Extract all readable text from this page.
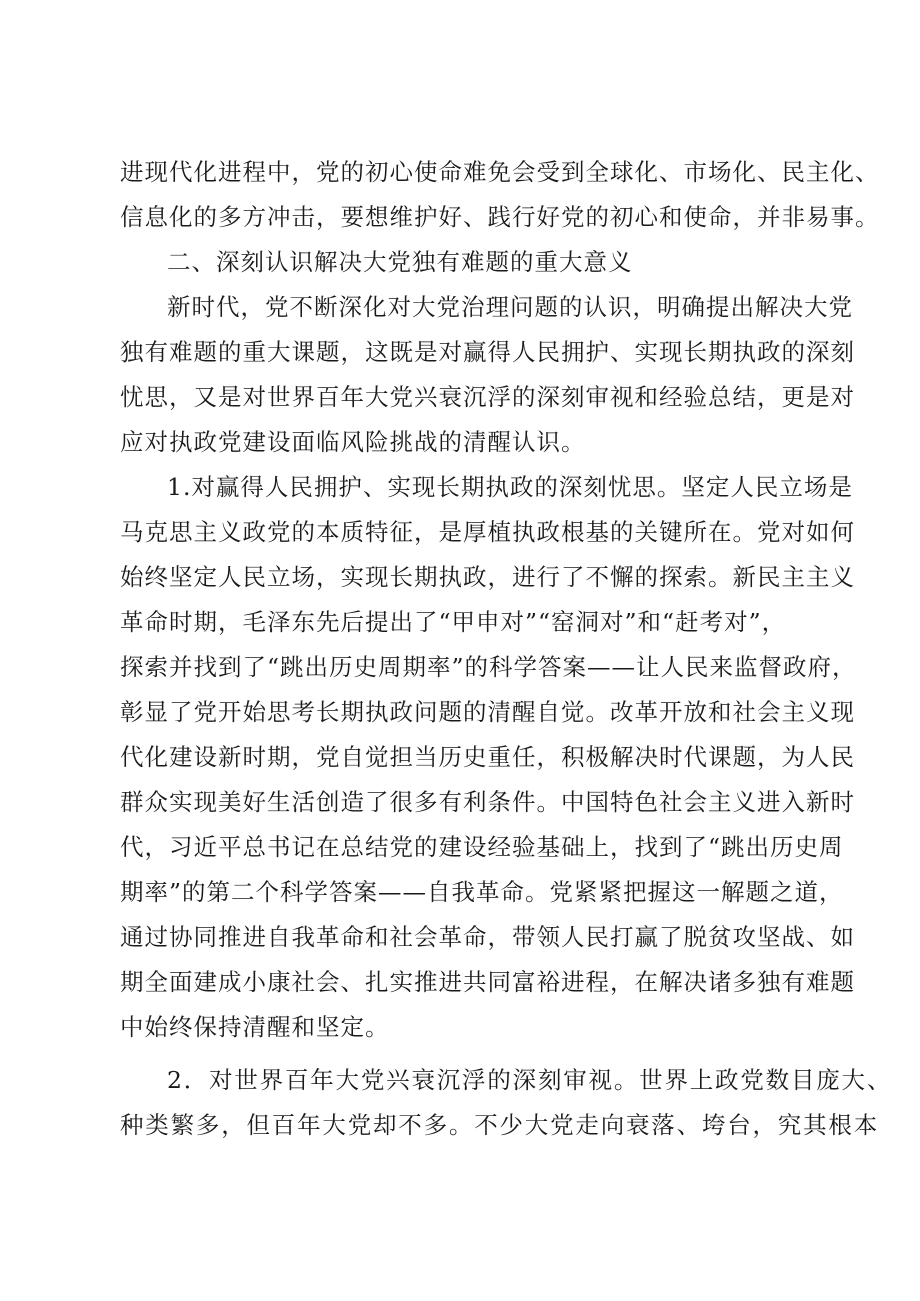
进现代化进程中，党的初心使命难免会受到全球化、市场化、民主化、
信息化的多方冲击，要想维护好、践行好党的初心和使命，并非易事。
二、深刻认识解决大党独有难题的重大意义
新时代，党不断深化对大党治理问题的认识，明确提出解决大党
独有难题的重大课题，这既是对赢得人民拥护、实现长期执政的深刻
忧思，又是对世界百年大党兴衰沉浮的深刻审视和经验总结，更是对
应对执政党建设面临风险挑战的清醒认识。
1.对赢得人民拥护、实现长期执政的深刻忧思。坚定人民立场是
马克思主义政党的本质特征，是厚植执政根基的关键所在。党对如何
始终坚定人民立场，实现长期执政，进行了不懈的探索。新民主主义
革命时期，毛泽东先后提出了“甲申对”“窑洞对”和“赶考对”，
探索并找到了“跳出历史周期率”的科学答案——让人民来监督政府，
彰显了党开始思考长期执政问题的清醒自觉。改革开放和社会主义现
代化建设新时期，党自觉担当历史重任，积极解决时代课题，为人民
群众实现美好生活创造了很多有利条件。中国特色社会主义进入新时
代，习近平总书记在总结党的建设经验基础上，找到了“跳出历史周
期率”的第二个科学答案——自我革命。党紧紧把握这一解题之道，
通过协同推进自我革命和社会革命，带领人民打赢了脱贫攻坚战、如
期全面建成小康社会、扎实推进共同富裕进程，在解决诸多独有难题
中始终保持清醒和坚定。
2．对世界百年大党兴衰沉浮的深刻审视。世界上政党数目庞大、
种类繁多，但百年大党却不多。不少大党走向衰落、垮台，究其根本
